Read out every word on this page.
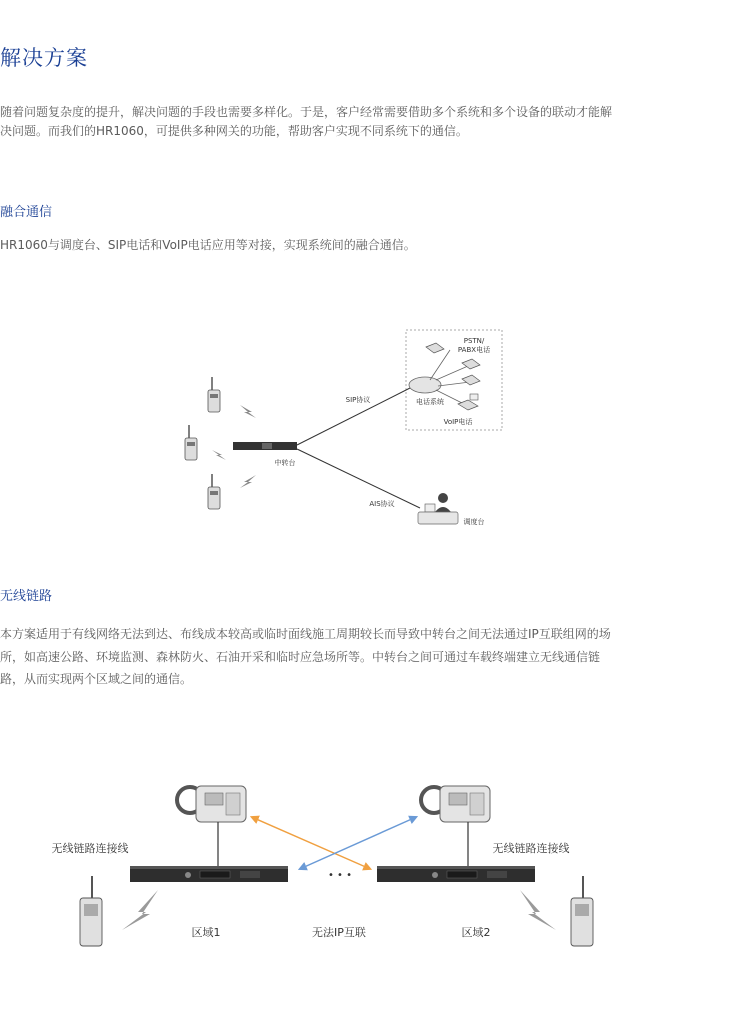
解决方案

随着问题复杂度的提升，解决问题的手段也需要多样化。于是，客户经常需要借助多个系统和多个设备的联动才能解

决问题。而我们的HR1060，可提供多种网关的功能，帮助客户实现不同系统下的通信。

融合通信

HR1060与调度台、SIP电话和VoIP电话应用等对接，实现系统间的融合通信。

中转台
SIP协议
AIS协议
电话系统
PSTN/
PABX电话
VoIP电话
调度台
无线链路

本方案适用于有线网络无法到达、布线成本较高或临时面线施工周期较长而导致中转台之间无法通过IP互联组网的场

所，如高速公路、环境监测、森林防火、石油开采和临时应急场所等。中转台之间可通过车载终端建立无线通信链

路，从而实现两个区域之间的通信。

无线链路连接线	无线链路连接线
• • •
区域1	无法IP互联	区域2
